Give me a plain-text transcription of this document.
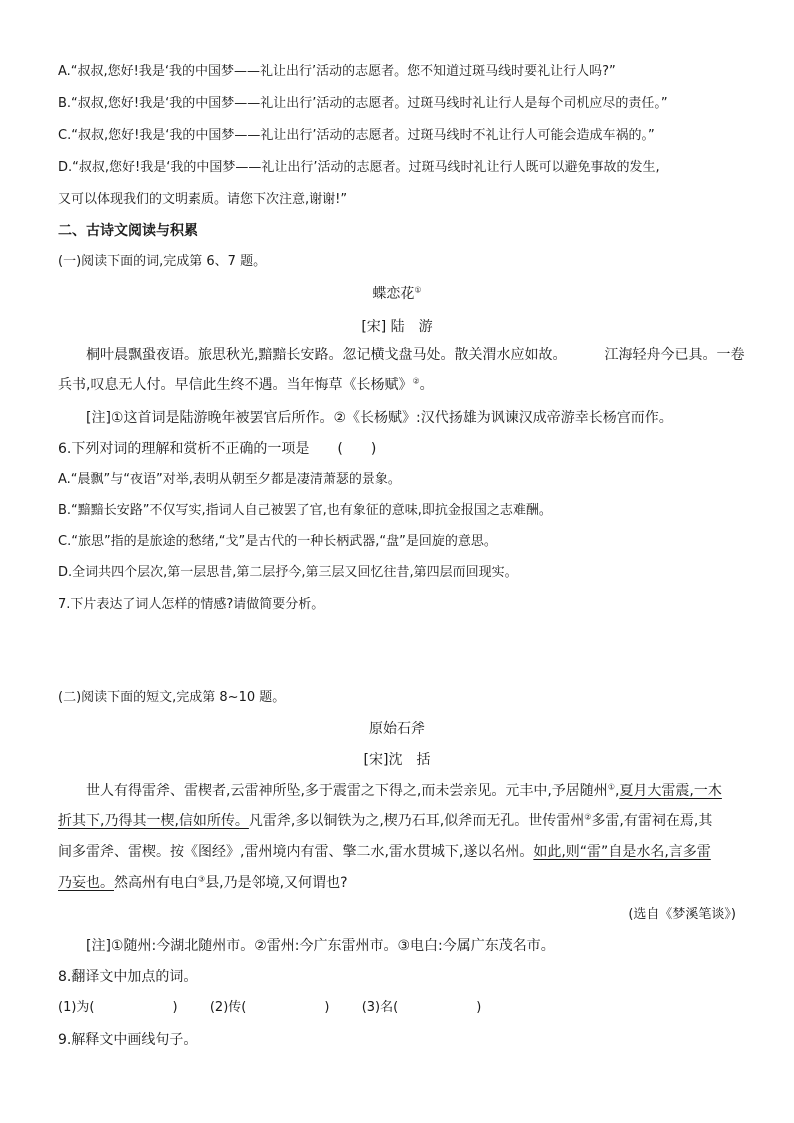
A.“叔叔,您好!我是‘我的中国梦——礼让出行’活动的志愿者。您不知道过斑马线时要礼让行人吗?”
B.“叔叔,您好!我是‘我的中国梦——礼让出行’活动的志愿者。过斑马线时礼让行人是每个司机应尽的责任。”
C.“叔叔,您好!我是‘我的中国梦——礼让出行’活动的志愿者。过斑马线时不礼让行人可能会造成车祸的。”
D.“叔叔,您好!我是‘我的中国梦——礼让出行’活动的志愿者。过斑马线时礼让行人既可以避免事故的发生,
又可以体现我们的文明素质。请您下次注意,谢谢!”
二、古诗文阅读与积累
(一)阅读下面的词,完成第 6、7 题。
蝶恋花①
[宋] 陆　游
桐叶晨飘蛩夜语。旅思秋光,黯黯长安路。忽记横戈盘马处。散关渭水应如故。	江海轻舟今已具。一卷
兵书,叹息无人付。早信此生终不遇。当年悔草《长杨赋》②。
[注]①这首词是陆游晚年被罢官后所作。②《长杨赋》:汉代扬雄为讽谏汉成帝游幸长杨宫而作。
6.下列对词的理解和赏析不正确的一项是　　(　　)
A.“晨飘”与“夜语”对举,表明从朝至夕都是凄清萧瑟的景象。
B.“黯黯长安路”不仅写实,指词人自己被罢了官,也有象征的意味,即抗金报国之志难酬。
C.“旅思”指的是旅途的愁绪,“戈”是古代的一种长柄武器,“盘”是回旋的意思。
D.全词共四个层次,第一层思昔,第二层抒今,第三层又回忆往昔,第四层而回现实。
7.下片表达了词人怎样的情感?请做简要分析。
(二)阅读下面的短文,完成第 8~10 题。
原始石斧
[宋]沈　括
世人有得雷斧、雷楔者,云雷神所坠,多于震雷之下得之,而未尝亲见。元丰中,予居随州①,夏月大雷震,一木
折其下,乃得其一楔,信如所传。凡雷斧,多以铜铁为之,楔乃石耳,似斧而无孔。世传雷州②多雷,有雷祠在焉,其
间多雷斧、雷楔。按《图经》,雷州境内有雷、擎二水,雷水贯城下,遂以名州。如此,则“雷”自是水名,言多雷
乃妄也。然高州有电白③县,乃是邻境,又何谓也?
(选自《梦溪笔谈》)
[注]①随州:今湖北随州市。②雷州:今广东雷州市。③电白:今属广东茂名市。
8.翻译文中加点的词。
(1)为(	) (2)传(	) (3)名(	)
9.解释文中画线句子。
